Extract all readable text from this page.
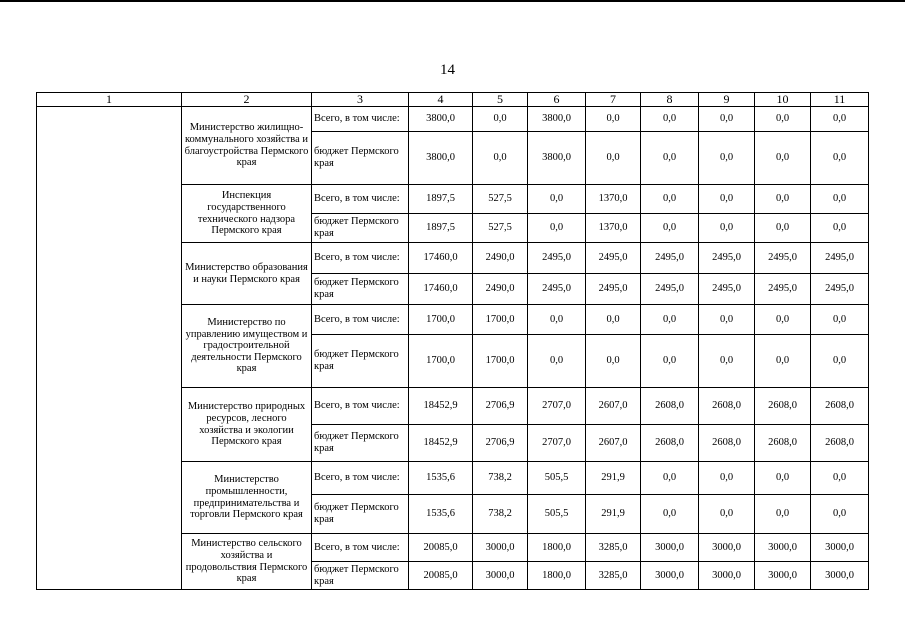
14
1	2	3	4	5	6	7	8	9	10	11
	Министерство жилищно-коммунального хозяйства и благоустройства Пермского края	Всего, в том числе:	3800,0	0,0	3800,0	0,0	0,0	0,0	0,0	0,0
		бюджет Пермского края	3800,0	0,0	3800,0	0,0	0,0	0,0	0,0	0,0
	Инспекция государственного технического надзора Пермского края	Всего, в том числе:	1897,5	527,5	0,0	1370,0	0,0	0,0	0,0	0,0
		бюджет Пермского края	1897,5	527,5	0,0	1370,0	0,0	0,0	0,0	0,0
	Министерство образования и науки Пермского края	Всего, в том числе:	17460,0	2490,0	2495,0	2495,0	2495,0	2495,0	2495,0	2495,0
		бюджет Пермского края	17460,0	2490,0	2495,0	2495,0	2495,0	2495,0	2495,0	2495,0
	Министерство по управлению имуществом и градостроительной деятельности Пермского края	Всего, в том числе:	1700,0	1700,0	0,0	0,0	0,0	0,0	0,0	0,0
		бюджет Пермского края	1700,0	1700,0	0,0	0,0	0,0	0,0	0,0	0,0
	Министерство природных ресурсов, лесного хозяйства и экологии Пермского края	Всего, в том числе:	18452,9	2706,9	2707,0	2607,0	2608,0	2608,0	2608,0	2608,0
		бюджет Пермского края	18452,9	2706,9	2707,0	2607,0	2608,0	2608,0	2608,0	2608,0
	Министерство промышленности, предпринимательства и торговли Пермского края	Всего, в том числе:	1535,6	738,2	505,5	291,9	0,0	0,0	0,0	0,0
		бюджет Пермского края	1535,6	738,2	505,5	291,9	0,0	0,0	0,0	0,0
	Министерство сельского хозяйства и продовольствия Пермского края	Всего, в том числе:	20085,0	3000,0	1800,0	3285,0	3000,0	3000,0	3000,0	3000,0
		бюджет Пермского края	20085,0	3000,0	1800,0	3285,0	3000,0	3000,0	3000,0	3000,0
